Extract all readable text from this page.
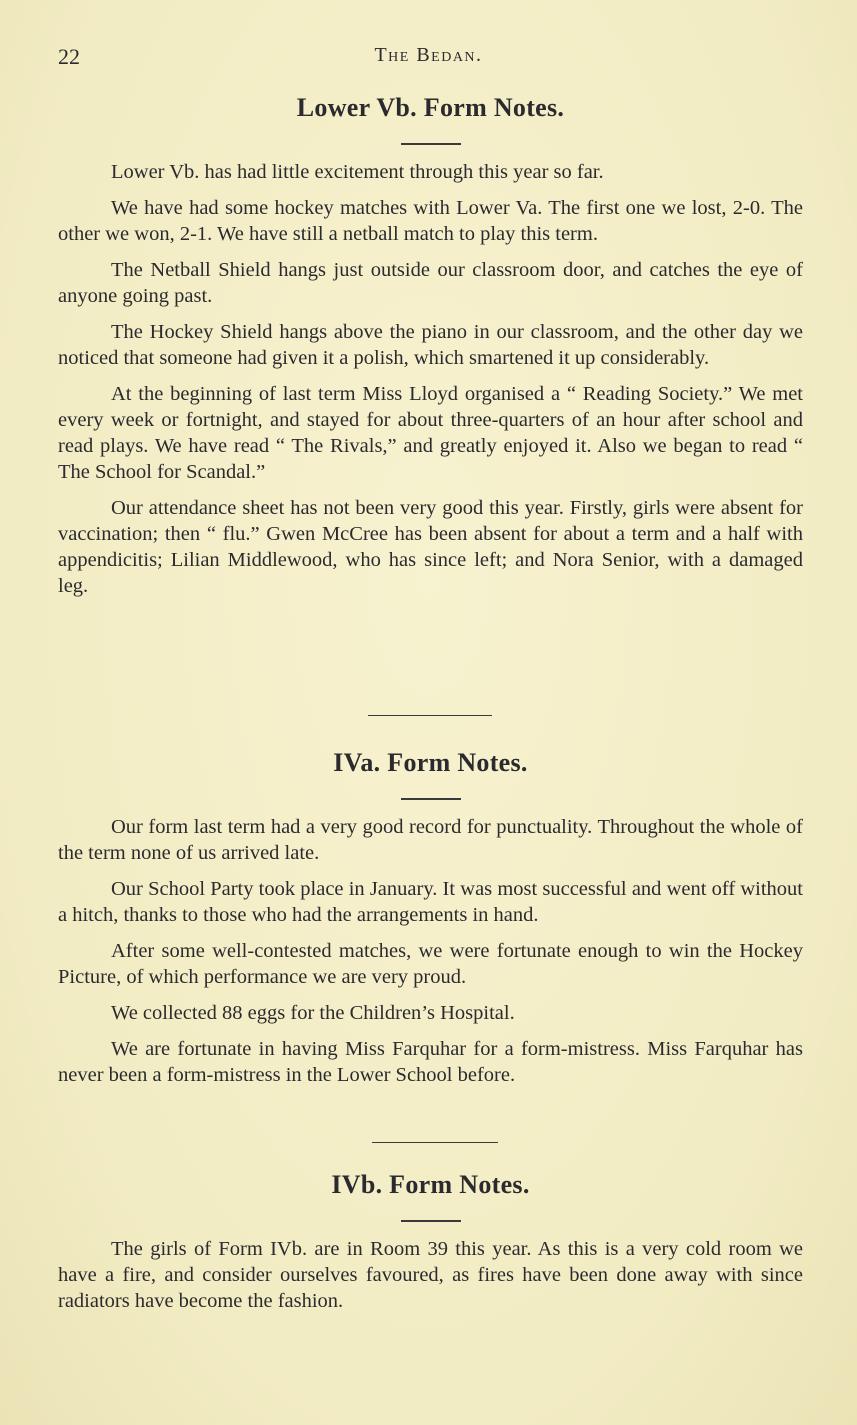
22	The Bedan.
Lower Vb. Form Notes.

Lower Vb. has had little excitement through this year so far.

We have had some hockey matches with Lower Va. The first one we lost, 2-0. The other we won, 2-1. We have still a netball match to play this term.

The Netball Shield hangs just outside our classroom door, and catches the eye of anyone going past.

The Hockey Shield hangs above the piano in our classroom, and the other day we noticed that someone had given it a polish, which smartened it up considerably.

At the beginning of last term Miss Lloyd organised a “ Reading Society.” We met every week or fortnight, and stayed for about three-quarters of an hour after school and read plays. We have read “ The Rivals,” and greatly enjoyed it. Also we began to read “ The School for Scandal.”

Our attendance sheet has not been very good this year. Firstly, girls were absent for vaccination; then “ flu.” Gwen McCree has been absent for about a term and a half with appendicitis; Lilian Middlewood, who has since left; and Nora Senior, with a damaged leg.

IVa. Form Notes.

Our form last term had a very good record for punctuality. Throughout the whole of the term none of us arrived late.

Our School Party took place in January. It was most successful and went off without a hitch, thanks to those who had the arrangements in hand.

After some well-contested matches, we were fortunate enough to win the Hockey Picture, of which performance we are very proud.

We collected 88 eggs for the Children’s Hospital.

We are fortunate in having Miss Farquhar for a form-mistress. Miss Farquhar has never been a form-mistress in the Lower School before.

IVb. Form Notes.

The girls of Form IVb. are in Room 39 this year. As this is a very cold room we have a fire, and consider ourselves favoured, as fires have been done away with since radiators have become the fashion.
